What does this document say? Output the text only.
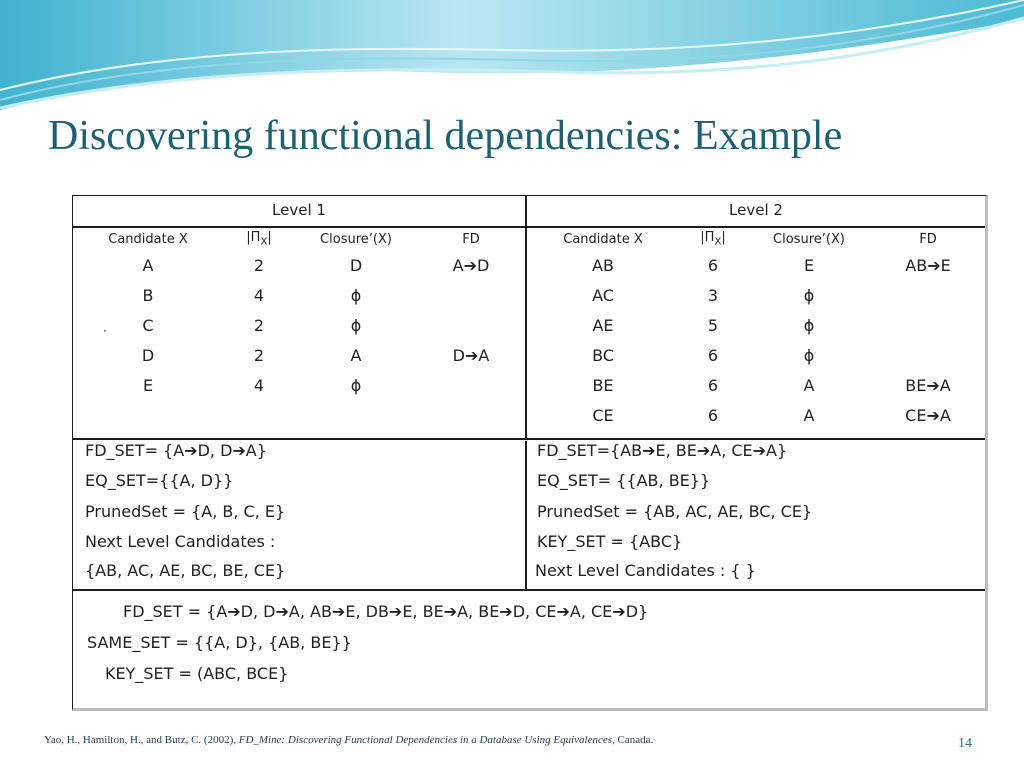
Discovering functional dependencies: Example
Level 1
Candidate X	$|\Pi_X|$	Closure’(X)	FD
A	2	D	A➔D
B	4	ϕ	
C	2	ϕ	
D	2	A	D➔A
E	4	ϕ	
·
Level 2
Candidate X	$|\Pi_X|$	Closure’(X)	FD
AB	6	E	AB➔E
AC	3	ϕ	
AE	5	ϕ	
BC	6	ϕ	
BE	6	A	BE➔A
CE	6	A	CE➔A
FD_SET= {A➔D, D➔A}
EQ_SET={{A, D}}
PrunedSet = {A, B, C, E}
Next Level Candidates :
{AB, AC, AE, BC, BE, CE}
FD_SET={AB➔E, BE➔A, CE➔A}
EQ_SET= {{AB, BE}}
PrunedSet = {AB, AC, AE, BC, CE}
KEY_SET = {ABC}
Next Level Candidates : { }
FD_SET = {A➔D, D➔A, AB➔E, DB➔E, BE➔A, BE➔D, CE➔A, CE➔D}
SAME_SET = {{A, D}, {AB, BE}}
KEY_SET = (ABC, BCE}
Yao, H., Hamilton, H., and Butz, C. (2002), FD_Mine: Discovering Functional Dependencies in a Database Using Equivalences, Canada.	14
